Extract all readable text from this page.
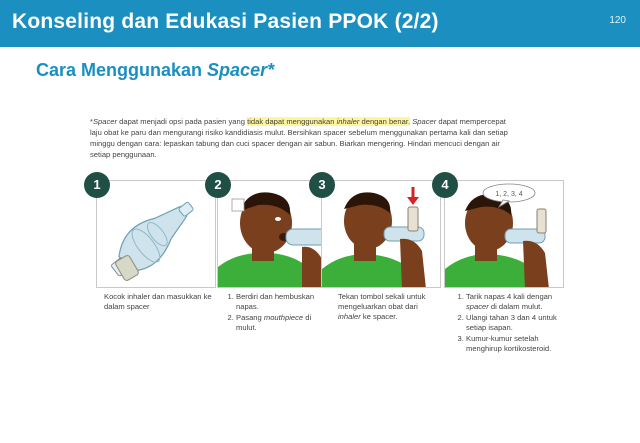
Konseling dan Edukasi Pasien PPOK (2/2)	120
Cara Menggunakan Spacer*
*Spacer dapat menjadi opsi pada pasien yang tidak dapat menggunakan inhaler dengan benar. Spacer dapat mempercepat laju obat ke paru dan mengurangi risiko kandidiasis mulut. Bersihkan spacer sebelum menggunakan pertama kali dan setiap minggu dengan cara: lepaskan tabung dan cuci spacer dengan air sabun. Biarkan mengering. Hindari mencuci dengan air setiap penggunaan.
1	2	3	4
1, 2, 3, 4
Kocok inhaler dan masukkan ke dalam spacer
1. Berdiri dan hembuskan napas.
2. Pasang mouthpiece di mulut.
Tekan tombol sekali untuk mengeluarkan obat dari inhaler ke spacer.
1. Tarik napas 4 kali dengan spacer di dalam mulut.
2. Ulangi tahan 3 dan 4 untuk setiap isapan.
3. Kumur-kumur setelah menghirup kortikosteroid.
